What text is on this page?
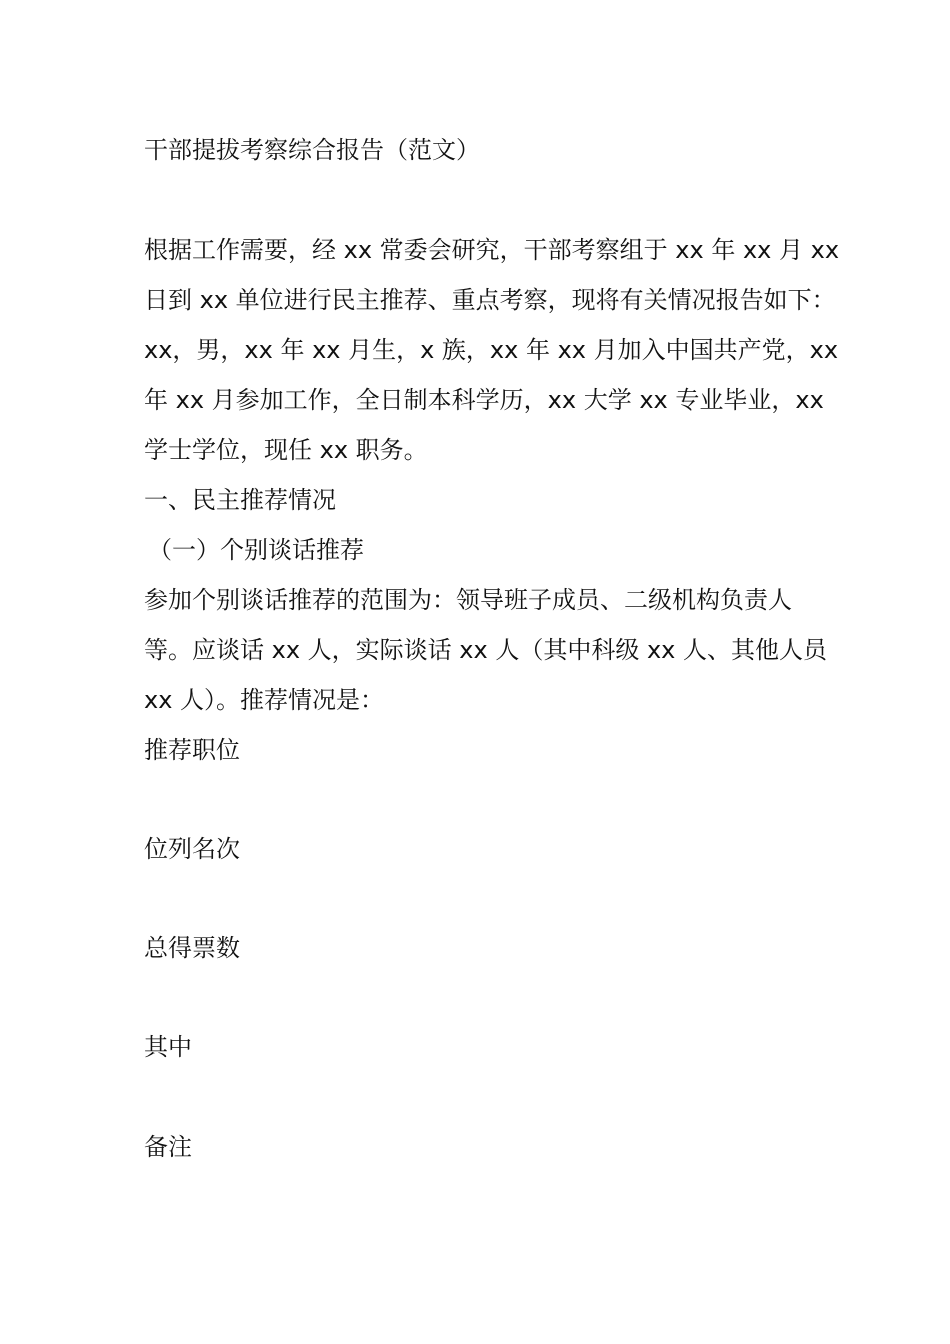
干部提拔考察综合报告（范文）
根据工作需要，经 xx 常委会研究，干部考察组于 xx 年 xx 月 xx
日到 xx 单位进行民主推荐、重点考察，现将有关情况报告如下：
xx，男，xx 年 xx 月生，x 族，xx 年 xx 月加入中国共产党，xx
年 xx 月参加工作，全日制本科学历，xx 大学 xx 专业毕业，xx
学士学位，现任 xx 职务。
一、民主推荐情况
（一）个别谈话推荐
参加个别谈话推荐的范围为：领导班子成员、二级机构负责人
等。应谈话 xx 人，实际谈话 xx 人（其中科级 xx 人、其他人员
xx 人）。推荐情况是：
推荐职位
位列名次
总得票数
其中
备注
